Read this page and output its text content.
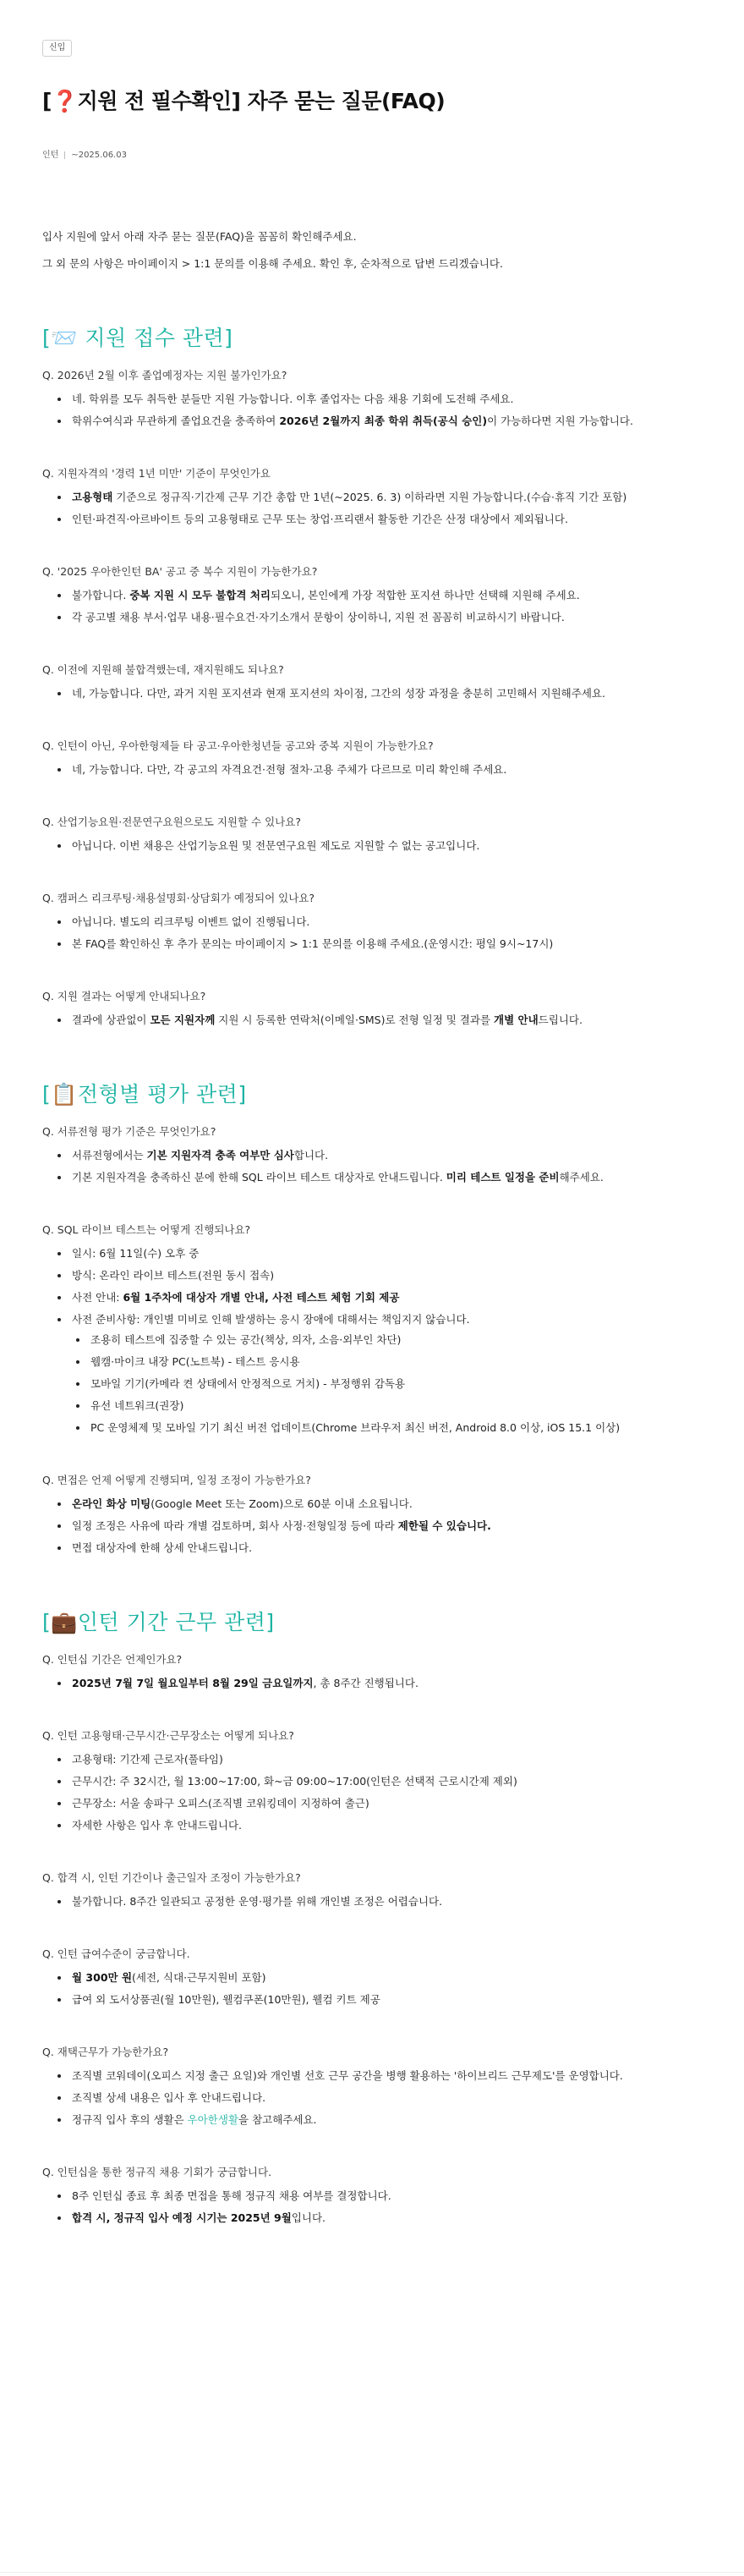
신입
[❓지원 전 필수확인] 자주 묻는 질문(FAQ)
인턴 ~2025.06.03

입사 지원에 앞서 아래 자주 묻는 질문(FAQ)을 꼼꼼히 확인해주세요.

그 외 문의 사항은 마이페이지 > 1:1 문의를 이용해 주세요. 확인 후, 순차적으로 답변 드리겠습니다.

[📨 지원 접수 관련]

Q. 2026년 2월 이후 졸업예정자는 지원 불가인가요?

• 네. 학위를 모두 취득한 분들만 지원 가능합니다. 이후 졸업자는 다음 채용 기회에 도전해 주세요.
• 학위수여식과 무관하게 졸업요건을 충족하여 2026년 2월까지 최종 학위 취득(공식 승인)이 가능하다면 지원 가능합니다.

Q. 지원자격의 '경력 1년 미만' 기준이 무엇인가요

• 고용형태 기준으로 정규직·기간제 근무 기간 총합 만 1년(~2025. 6. 3) 이하라면 지원 가능합니다.(수습·휴직 기간 포함)
• 인턴·파견직·아르바이트 등의 고용형태로 근무 또는 창업·프리랜서 활동한 기간은 산정 대상에서 제외됩니다.

Q. '2025 우아한인턴 BA' 공고 중 복수 지원이 가능한가요?

• 불가합니다. 중복 지원 시 모두 불합격 처리되오니, 본인에게 가장 적합한 포지션 하나만 선택해 지원해 주세요.
• 각 공고별 채용 부서·업무 내용·필수요건·자기소개서 문항이 상이하니, 지원 전 꼼꼼히 비교하시기 바랍니다.

Q. 이전에 지원해 불합격했는데, 재지원해도 되나요?

• 네, 가능합니다. 다만, 과거 지원 포지션과 현재 포지션의 차이점, 그간의 성장 과정을 충분히 고민해서 지원해주세요.

Q. 인턴이 아닌, 우아한형제들 타 공고·우아한청년들 공고와 중복 지원이 가능한가요?

• 네, 가능합니다. 다만, 각 공고의 자격요건·전형 절차·고용 주체가 다르므로 미리 확인해 주세요.

Q. 산업기능요원·전문연구요원으로도 지원할 수 있나요?

• 아닙니다. 이번 채용은 산업기능요원 및 전문연구요원 제도로 지원할 수 없는 공고입니다.

Q. 캠퍼스 리크루팅·채용설명회·상담회가 예정되어 있나요?

• 아닙니다. 별도의 리크루팅 이벤트 없이 진행됩니다.
• 본 FAQ를 확인하신 후 추가 문의는 마이페이지 > 1:1 문의를 이용해 주세요.(운영시간: 평일 9시~17시)

Q. 지원 결과는 어떻게 안내되나요?

• 결과에 상관없이 모든 지원자께 지원 시 등록한 연락처(이메일·SMS)로 전형 일정 및 결과를 개별 안내드립니다.
[📋전형별 평가 관련]

Q. 서류전형 평가 기준은 무엇인가요?

• 서류전형에서는 기본 지원자격 충족 여부만 심사합니다.
• 기본 지원자격을 충족하신 분에 한해 SQL 라이브 테스트 대상자로 안내드립니다. 미리 테스트 일정을 준비해주세요.

Q. SQL 라이브 테스트는 어떻게 진행되나요?

• 일시: 6월 11일(수) 오후 중
• 방식: 온라인 라이브 테스트(전원 동시 접속)
• 사전 안내: 6월 1주차에 대상자 개별 안내, 사전 테스트 체험 기회 제공
• 사전 준비사항: 개인별 미비로 인해 발생하는 응시 장애에 대해서는 책임지지 않습니다.
• 조용히 테스트에 집중할 수 있는 공간(책상, 의자, 소음·외부인 차단)
• 웹캠·마이크 내장 PC(노트북) - 테스트 응시용
• 모바일 기기(카메라 켠 상태에서 안정적으로 거치) - 부정행위 감독용
• 유선 네트워크(권장)
• PC 운영체제 및 모바일 기기 최신 버전 업데이트(Chrome 브라우저 최신 버전, Android 8.0 이상, iOS 15.1 이상)

Q. 면접은 언제 어떻게 진행되며, 일정 조정이 가능한가요?

• 온라인 화상 미팅(Google Meet 또는 Zoom)으로 60분 이내 소요됩니다.
• 일정 조정은 사유에 따라 개별 검토하며, 회사 사정·전형일정 등에 따라 제한될 수 있습니다.
• 면접 대상자에 한해 상세 안내드립니다.
[💼인턴 기간 근무 관련]

Q. 인턴십 기간은 언제인가요?

• 2025년 7월 7일 월요일부터 8월 29일 금요일까지, 총 8주간 진행됩니다.

Q. 인턴 고용형태·근무시간·근무장소는 어떻게 되나요?

• 고용형태: 기간제 근로자(풀타임)
• 근무시간: 주 32시간, 월 13:00~17:00, 화~금 09:00~17:00(인턴은 선택적 근로시간제 제외)
• 근무장소: 서울 송파구 오피스(조직별 코워킹데이 지정하여 출근)
• 자세한 사항은 입사 후 안내드립니다.

Q. 합격 시, 인턴 기간이나 출근일자 조정이 가능한가요?

• 불가합니다. 8주간 일관되고 공정한 운영·평가를 위해 개인별 조정은 어렵습니다.

Q. 인턴 급여수준이 궁금합니다.

• 월 300만 원(세전, 식대·근무지원비 포함)
• 급여 외 도서상품권(월 10만원), 웰컴쿠폰(10만원), 웰컴 키트 제공

Q. 재택근무가 가능한가요?

• 조직별 코워데이(오피스 지정 출근 요일)와 개인별 선호 근무 공간을 병행 활용하는 '하이브리드 근무제도'를 운영합니다.
• 조직별 상세 내용은 입사 후 안내드립니다.
• 정규직 입사 후의 생활은 우아한생활을 참고해주세요.

Q. 인턴십을 통한 정규직 채용 기회가 궁금합니다.

• 8주 인턴십 종료 후 최종 면접을 통해 정규직 채용 여부를 결정합니다.
• 합격 시, 정규직 입사 예정 시기는 2025년 9월입니다.
